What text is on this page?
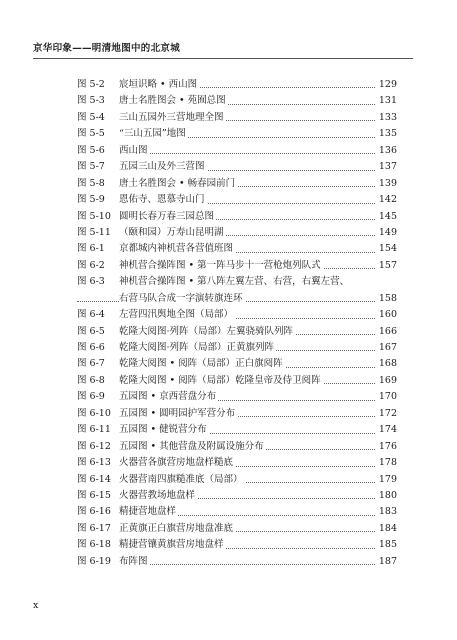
京华印象——明清地图中的北京城
图 5-2 宸垣识略 • 西山图	129
图 5-3 唐土名胜图会 • 苑囿总图	131
图 5-4 三山五园外三营地理全图	133
图 5-5 “三山五园”地图	135
图 5-6 西山图	136
图 5-7 五园三山及外三营图	137
图 5-8 唐土名胜图会 • 畅春园前门	139
图 5-9 恩佑寺、恩慕寺山门	142
图 5-10 圆明长春万春三园总图	145
图 5-11 （颐和园）万寿山昆明湖	149
图 6-1 京都城内神机营各营值班图	154
图 6-2 神机营合操阵图 • 第一阵马步十一营枪炮列队式	157
图 6-3 神机营合操阵图 • 第八阵左翼左营、右营，右翼左营、
右营马队合成一字演转旗连环	158
图 6-4 左营四汛舆地全图（局部）	160
图 6-5 乾隆大阅图·列阵（局部）左翼骁骑队列阵	166
图 6-6 乾隆大阅图·列阵（局部）正黄旗列阵	167
图 6-7 乾隆大阅图 • 阅阵（局部）正白旗阅阵	168
图 6-8 乾隆大阅图 • 阅阵（局部）乾隆皇帝及侍卫阅阵	169
图 6-9 五园图 • 京西营盘分布	170
图 6-10 五园图 • 圆明园护军营分布	172
图 6-11 五园图 • 健锐营分布	174
图 6-12 五园图 • 其他营盘及附属设施分布	176
图 6-13 火器营各旗营房地盘样糙底	178
图 6-14 火器营南四旗糙准底（局部）	179
图 6-15 火器营教场地盘样	180
图 6-16 精捷营地盘样	183
图 6-17 正黄旗正白旗营房地盘准底	184
图 6-18 精捷营镶黄旗营房地盘样	185
图 6-19 布阵图	187
x
